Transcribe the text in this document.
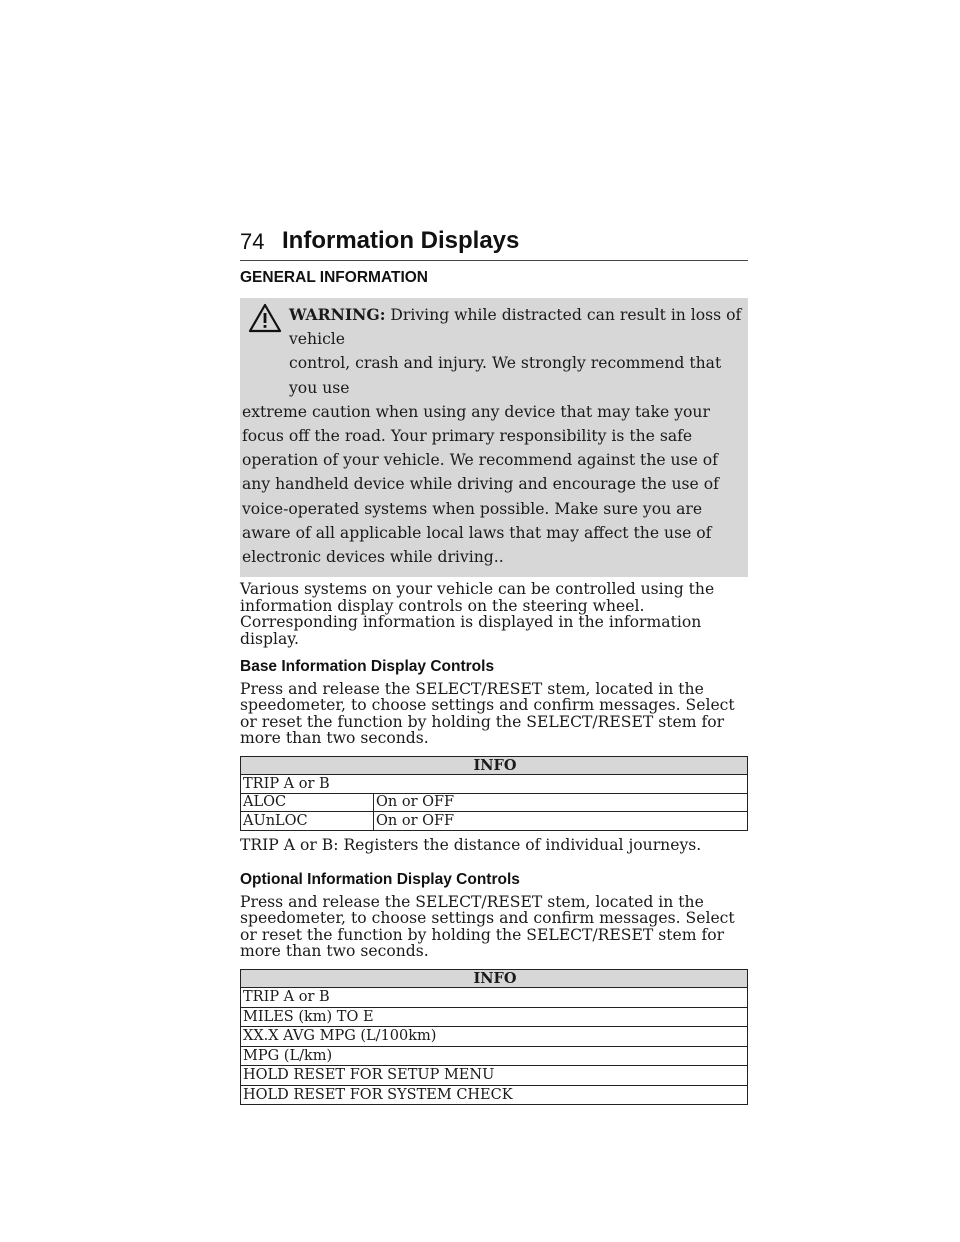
74 Information Displays
GENERAL INFORMATION
WARNING: Driving while distracted can result in loss of vehicle
control, crash and injury. We strongly recommend that you use
extreme caution when using any device that may take your focus off the road. Your primary responsibility is the safe operation of your vehicle. We recommend against the use of any handheld device while driving and encourage the use of voice-operated systems when possible. Make sure you are aware of all applicable local laws that may affect the use of electronic devices while driving..

Various systems on your vehicle can be controlled using the information display controls on the steering wheel. Corresponding information is displayed in the information display.

Base Information Display Controls

Press and release the SELECT/RESET stem, located in the speedometer, to choose settings and confirm messages. Select or reset the function by holding the SELECT/RESET stem for more than two seconds.

INFO	
TRIP A or B	
ALOC	On or OFF
AUnLOC	On or OFF

TRIP A or B: Registers the distance of individual journeys.

Optional Information Display Controls

Press and release the SELECT/RESET stem, located in the speedometer, to choose settings and confirm messages. Select or reset the function by holding the SELECT/RESET stem for more than two seconds.

INFO
TRIP A or B
MILES (km) TO E
XX.X AVG MPG (L/100km)
MPG (L/km)
HOLD RESET FOR SETUP MENU
HOLD RESET FOR SYSTEM CHECK
